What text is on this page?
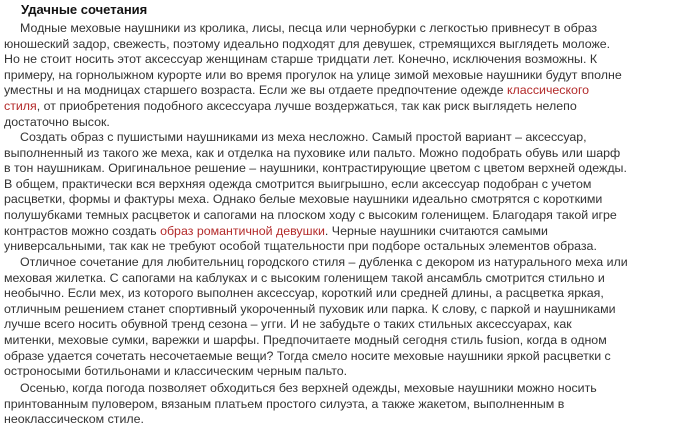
Удачные сочетания
Модные меховые наушники из кролика, лисы, песца или чернобурки с легкостью привнесут в образ
юношеский задор, свежесть, поэтому идеально подходят для девушек, стремящихся выглядеть моложе.
Но не стоит носить этот аксессуар женщинам старше тридцати лет. Конечно, исключения возможны. К
примеру, на горнолыжном курорте или во время прогулок на улице зимой меховые наушники будут вполне
уместны и на модницах старшего возраста. Если же вы отдаете предпочтение одежде классического
стиля, от приобретения подобного аксессуара лучше воздержаться, так как риск выглядеть нелепо
достаточно высок.
Создать образ с пушистыми наушниками из меха несложно. Самый простой вариант – аксессуар,
выполненный из такого же меха, как и отделка на пуховике или пальто. Можно подобрать обувь или шарф
в тон наушникам. Оригинальное решение – наушники, контрастирующие цветом с цветом верхней одежды.
В общем, практически вся верхняя одежда смотрится выигрышно, если аксессуар подобран с учетом
расцветки, формы и фактуры меха. Однако белые меховые наушники идеально смотрятся с короткими
полушубками темных расцветок и сапогами на плоском ходу с высоким голенищем. Благодаря такой игре
контрастов можно создать образ романтичной девушки. Черные наушники считаются самыми
универсальными, так как не требуют особой тщательности при подборе остальных элементов образа.
Отличное сочетание для любительниц городского стиля – дубленка с декором из натурального меха или
меховая жилетка. С сапогами на каблуках и с высоким голенищем такой ансамбль смотрится стильно и
необычно. Если мех, из которого выполнен аксессуар, короткий или средней длины, а расцветка яркая,
отличным решением станет спортивный укороченный пуховик или парка. К слову, с паркой и наушниками
лучше всего носить обувной тренд сезона – угги. И не забудьте о таких стильных аксессуарах, как
митенки, меховые сумки, варежки и шарфы. Предпочитаете модный сегодня стиль fusion, когда в одном
образе удается сочетать несочетаемые вещи? Тогда смело носите меховые наушники яркой расцветки с
остроносыми ботильонами и классическим черным пальто.
Осенью, когда погода позволяет обходиться без верхней одежды, меховые наушники можно носить
принтованным пуловером, вязаным платьем простого силуэта, а также жакетом, выполненным в
неоклассическом стиле.
